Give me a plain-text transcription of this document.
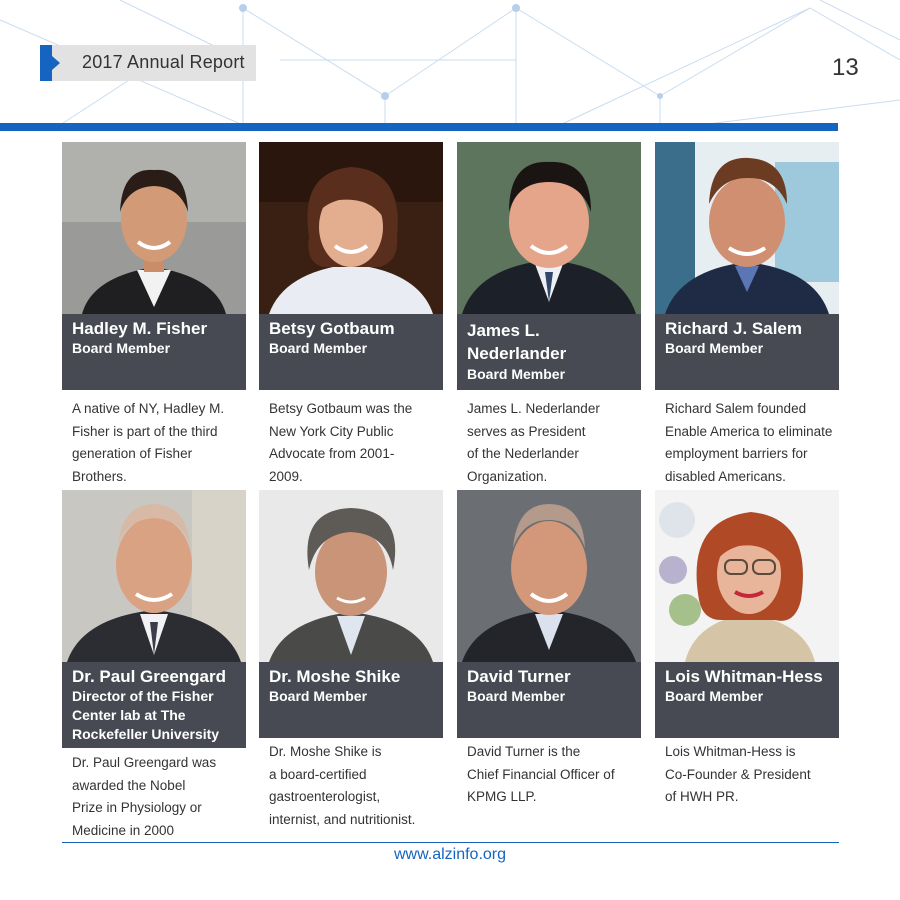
2017 Annual Report	13
Hadley M. Fisher
Board Member
A native of NY, Hadley M.
Fisher is part of the third
generation of Fisher
Brothers.
Betsy Gotbaum
Board Member
Betsy Gotbaum was the
New York City Public
Advocate from 2001-
2009.
James L.
Nederlander
Board Member
James L. Nederlander
serves as President
of the Nederlander
Organization.
Richard J. Salem
Board Member
Richard Salem founded
Enable America to eliminate
employment barriers for
disabled Americans.
Dr. Paul Greengard
Director of the Fisher
Center lab at The
Rockefeller University
Dr. Paul Greengard was
awarded the Nobel
Prize in Physiology or
Medicine in 2000
Dr. Moshe Shike
Board Member
Dr. Moshe Shike is
a board-certified
gastroenterologist,
internist, and nutritionist.
David Turner
Board Member
David Turner is the
Chief Financial Officer of
KPMG LLP.
Lois Whitman-Hess
Board Member
Lois Whitman-Hess is
Co-Founder & President
of HWH PR.
www.alzinfo.org
